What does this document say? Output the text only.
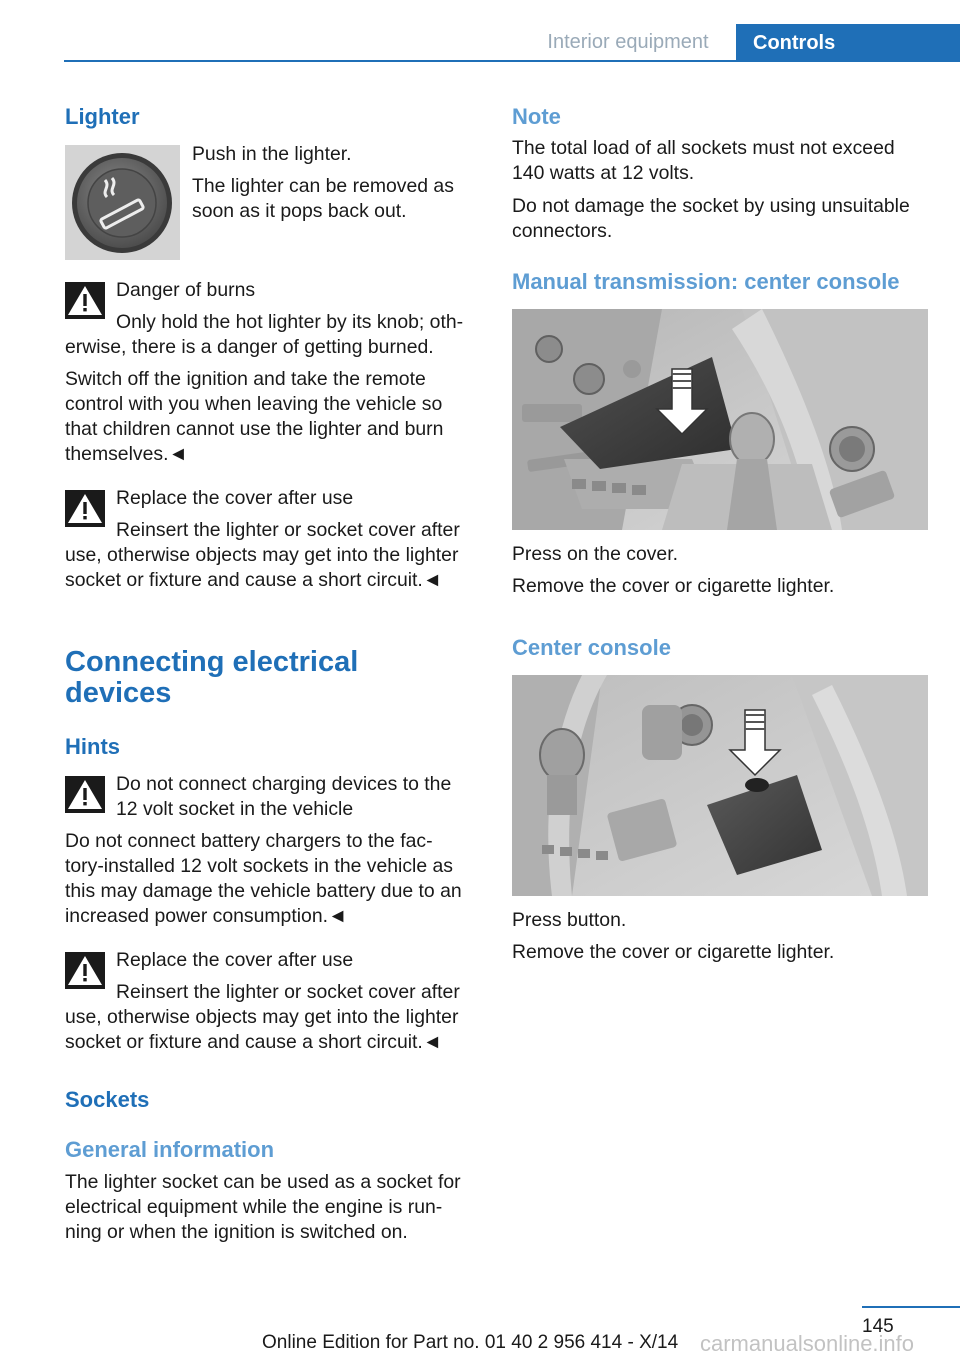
Interior equipment	Controls
Lighter
Push in the lighter.
The lighter can be removed as
soon as it pops back out.
Danger of burns
Only hold the hot lighter by its knob; oth‐
erwise, there is a danger of getting burned.
Switch off the ignition and take the remote
control with you when leaving the vehicle so
that children cannot use the lighter and burn
themselves.◄
Replace the cover after use
Reinsert the lighter or socket cover after
use, otherwise objects may get into the lighter
socket or fixture and cause a short circuit.◄
Connecting electrical
devices
Hints
Do not connect charging devices to the
12 volt socket in the vehicle
Do not connect battery chargers to the fac‐
tory-installed 12 volt sockets in the vehicle as
this may damage the vehicle battery due to an
increased power consumption.◄
Replace the cover after use
Reinsert the lighter or socket cover after
use, otherwise objects may get into the lighter
socket or fixture and cause a short circuit.◄
Sockets
General information
The lighter socket can be used as a socket for
electrical equipment while the engine is run‐
ning or when the ignition is switched on.
Note
The total load of all sockets must not exceed
140 watts at 12 volts.
Do not damage the socket by using unsuitable
connectors.
Manual transmission: center console
Press on the cover.
Remove the cover or cigarette lighter.
Center console
Press button.
Remove the cover or cigarette lighter.
145
Online Edition for Part no. 01 40 2 956 414 - X/14 carmanualsonline.info
